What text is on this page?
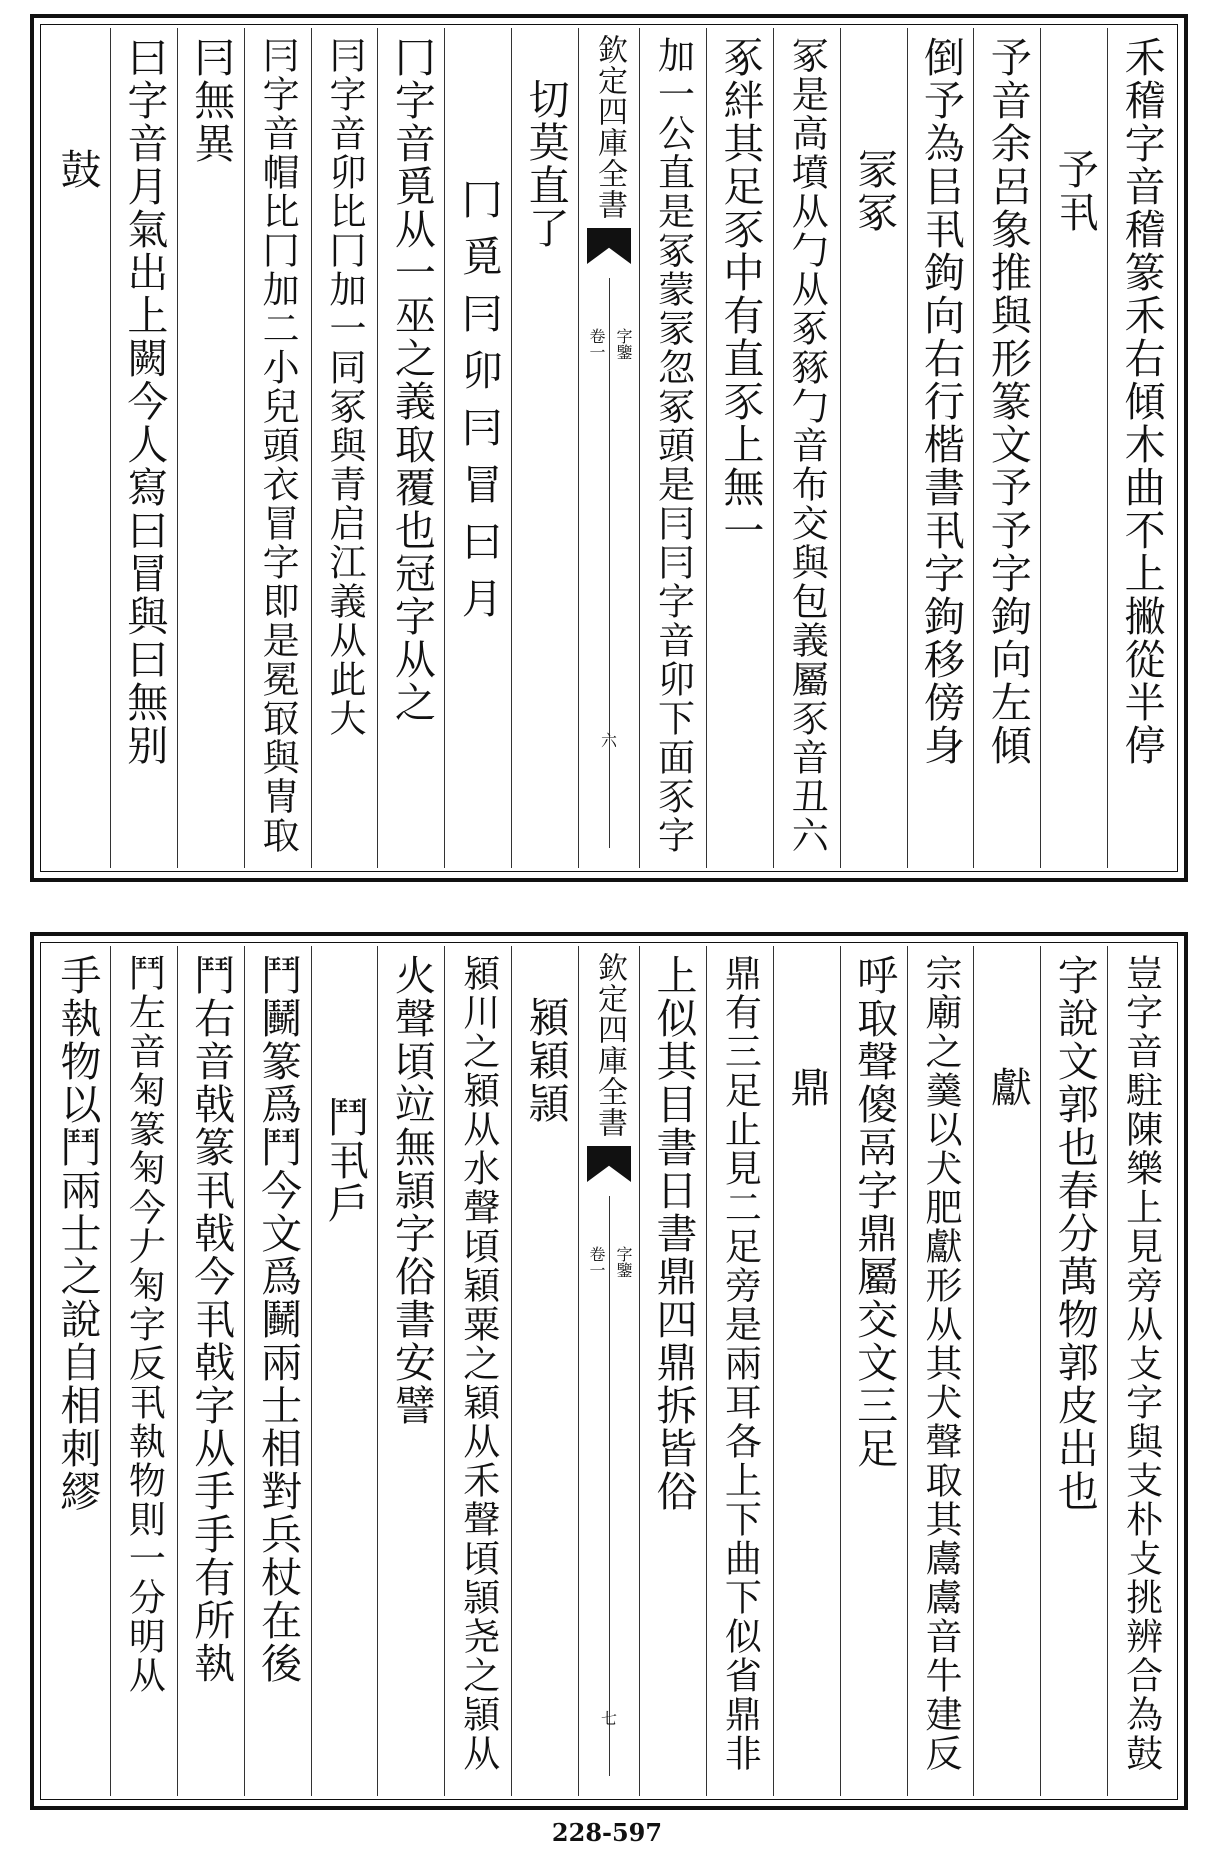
禾稽字音稽篆禾右傾木曲不上撇從半停
予丮
予音余呂象推與形篆文予予字鉤向左傾
倒予為㠯丮鉤向右行楷書丮字鉤移傍身
冡冢
冢是高墳从勹从豖豩勹音布交與包義屬豕音丑六
豖絆其足豕中有直豕上無一
加一公直是冢蒙冡忽冢頭是冃冃字音卯下面豕字
欽定四庫全書
卷一 字鑒
六
切莫直了
冂覓冃卯冃冒曰月
冂字音覓从一巫之義取覆也冠字从之
冃字音卯比冂加一同冢與青启江義从此大
冃字音帽比冂加二小兒頭衣冒字即是冕冣與冑取
冃無異
曰字音月氣出上闕今人寫曰冒與曰無别
鼓
豈字音駐陳樂上見旁从攴字與支朴攴挑辨合為鼓
字說文郭也春分萬物郭皮出也
獻
宗廟之羹以犬肥獻形从其犬聲取其鬳鬳音牛建反
呼取聲傻鬲字鼎屬交文三足
鼎
鼎有三足止見二足旁是兩耳各上下曲下似省鼎非
上似其目書日書鼎四鼎拆皆俗
欽定四庫全書
卷一 字鑒
七
潁穎頴
潁川之潁从水聲頃穎粟之穎从禾聲頃頴尧之頴从
火聲頃竝無頴字俗書安譬
鬥丮戶
鬥鬭篆爲鬥今文爲鬭兩士相對兵杖在後
鬥右音戟篆丮戟今丮戟字从手手有所執
鬥左音匊篆匊今𠂇匊字反丮執物則一分明从
手執物以鬥兩士之說自相刺繆
228-597
